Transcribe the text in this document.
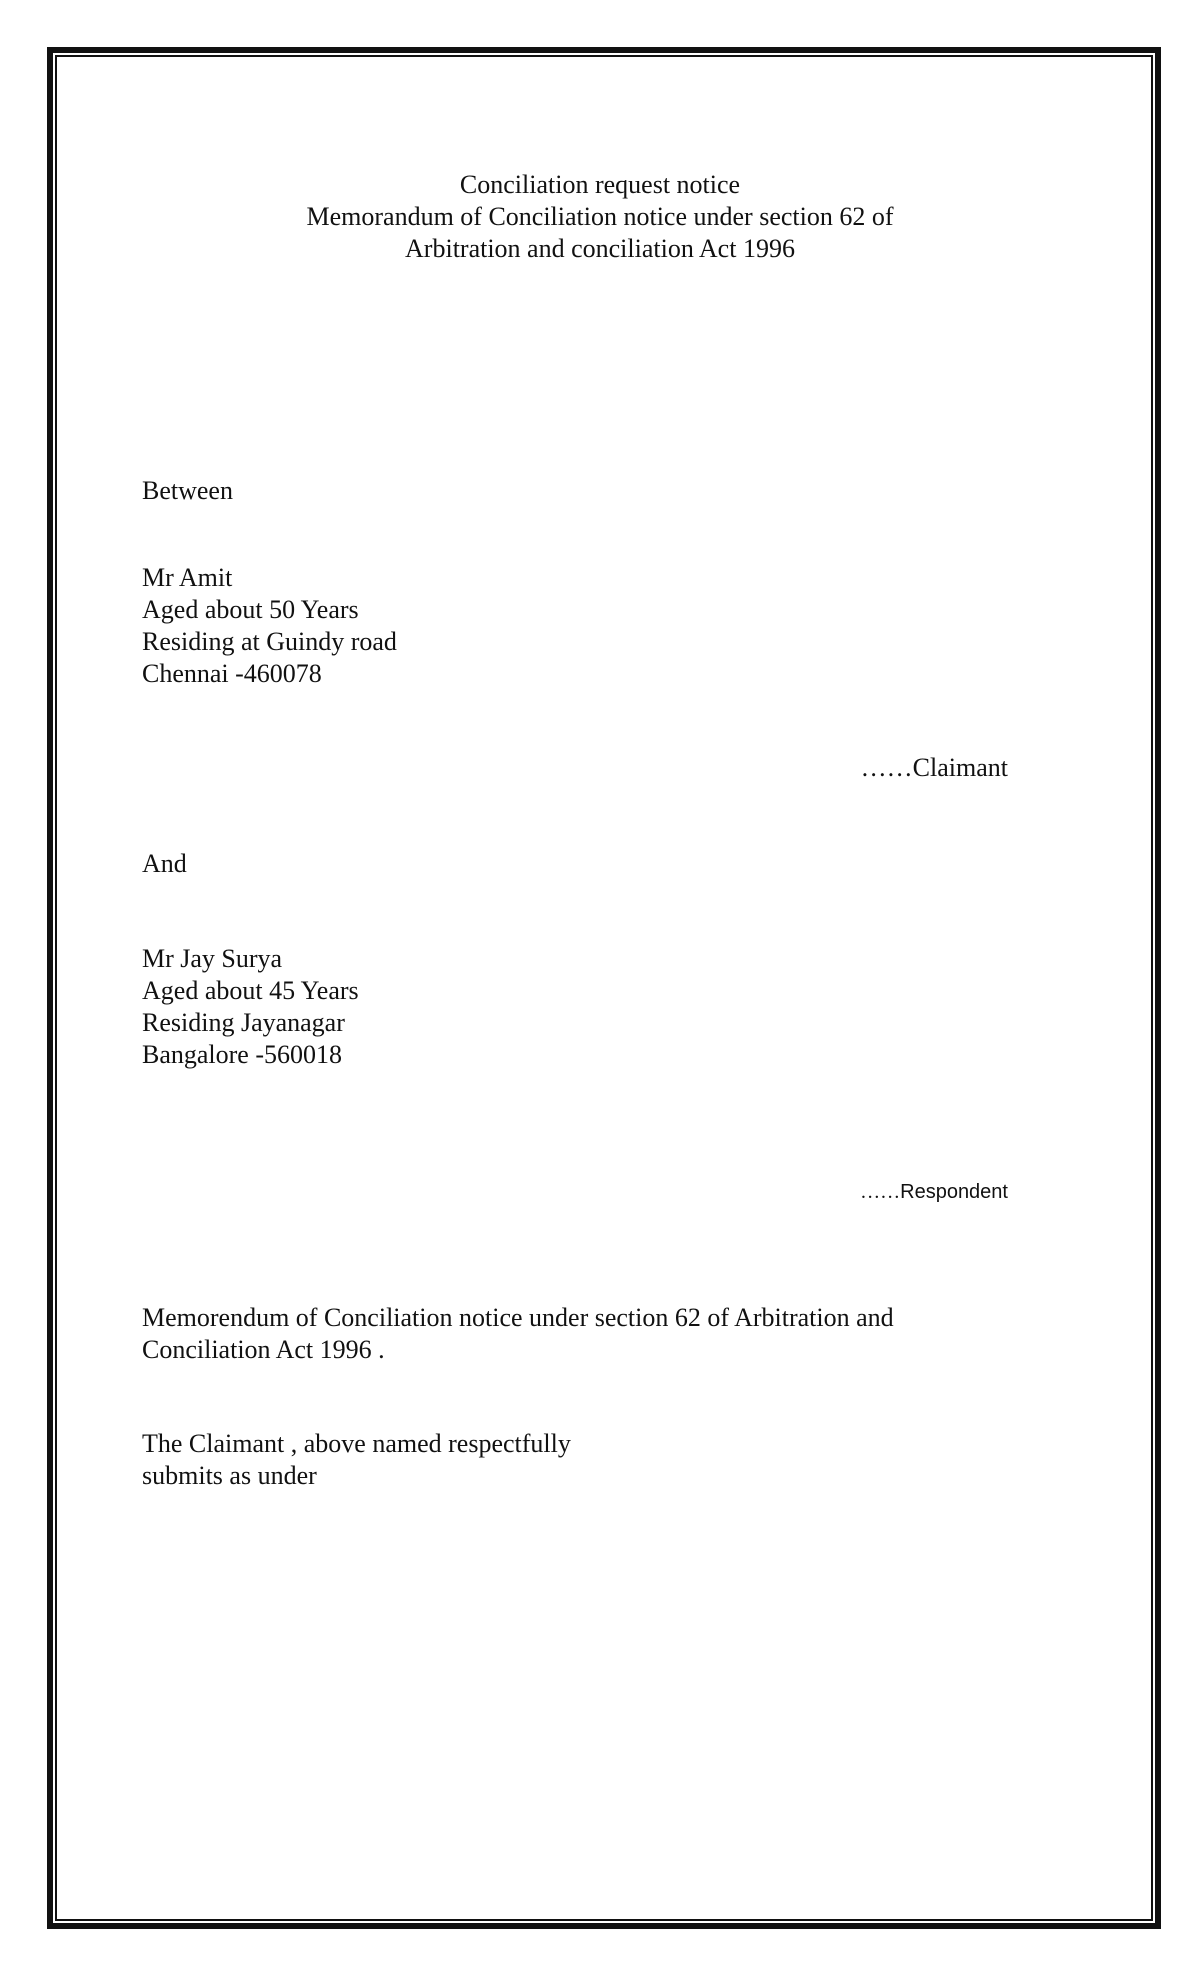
Conciliation request notice
Memorandum of Conciliation notice under section 62 of
Arbitration and conciliation Act 1996
Between
Mr Amit
Aged about 50 Years
Residing at Guindy road
Chennai -460078
……Claimant
And
Mr Jay Surya
Aged about 45 Years
Residing Jayanagar
Bangalore -560018
……Respondent
Memorendum of Conciliation notice under section 62 of Arbitration and
Conciliation Act 1996 .
The Claimant , above named respectfully
submits as under
